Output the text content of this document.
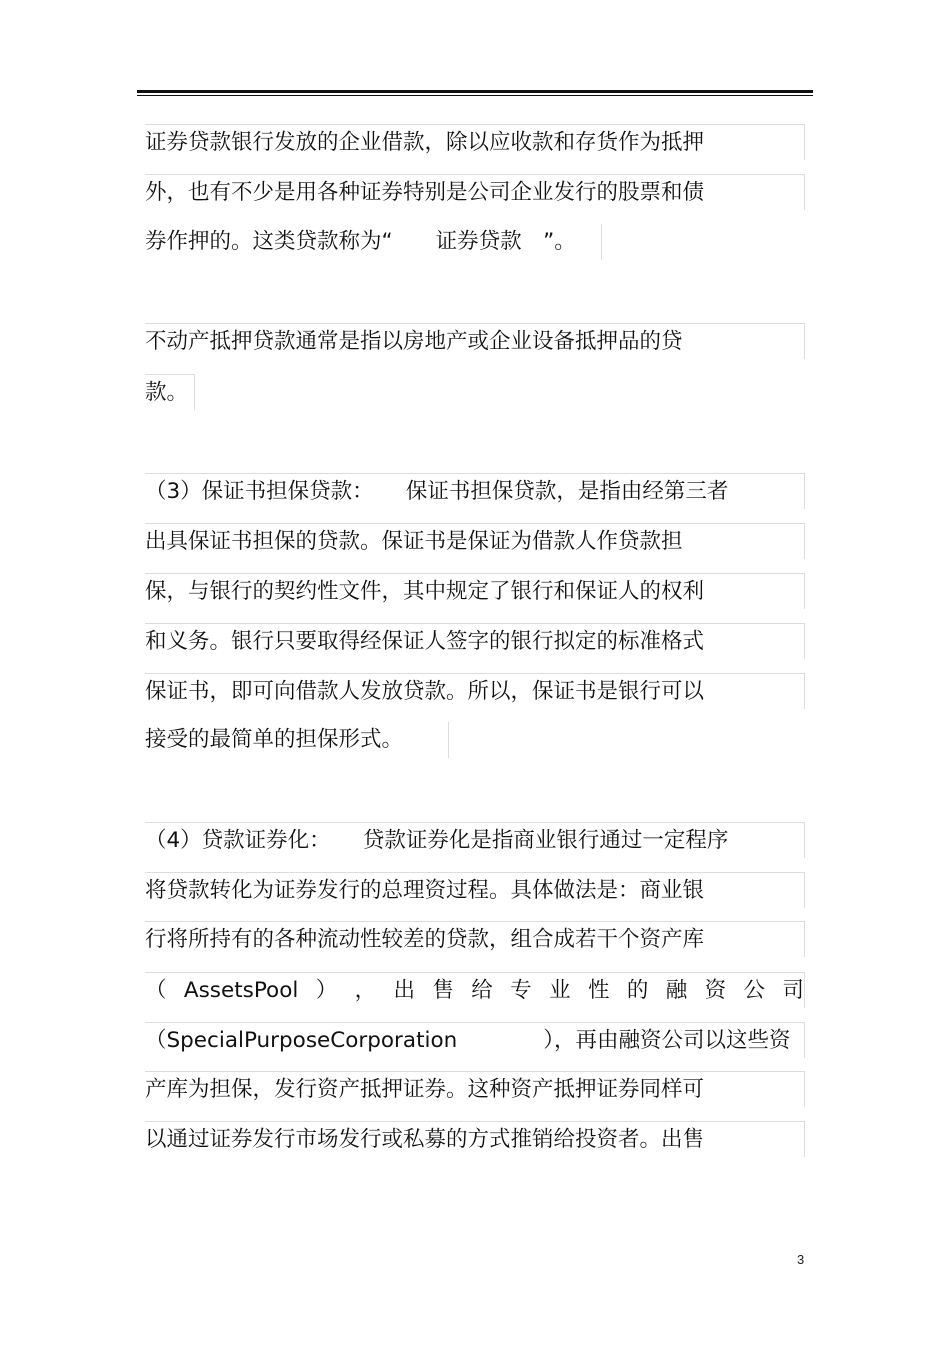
证券贷款银行发放的企业借款，除以应收款和存货作为抵押
外，也有不少是用各种证券特别是公司企业发行的股票和债
券作押的。这类贷款称为“　　证券贷款　”。
不动产抵押贷款通常是指以房地产或企业设备抵押品的贷
款。
（3）保证书担保贷款：　　保证书担保贷款，是指由经第三者
出具保证书担保的贷款。保证书是保证为借款人作贷款担
保，与银行的契约性文件，其中规定了银行和保证人的权利
和义务。银行只要取得经保证人签字的银行拟定的标准格式
保证书，即可向借款人发放贷款。所以，保证书是银行可以
接受的最简单的担保形式。
（4）贷款证券化：　　贷款证券化是指商业银行通过一定程序
将贷款转化为证券发行的总理资过程。具体做法是：商业银
行将所持有的各种流动性较差的贷款，组合成若干个资产库
（ AssetsPool ） ， 出 售 给 专 业 性 的 融 资 公 司
（SpecialPurposeCorporation　　　　），再由融资公司以这些资
产库为担保，发行资产抵押证券。这种资产抵押证券同样可
以通过证券发行市场发行或私募的方式推销给投资者。出售
3
